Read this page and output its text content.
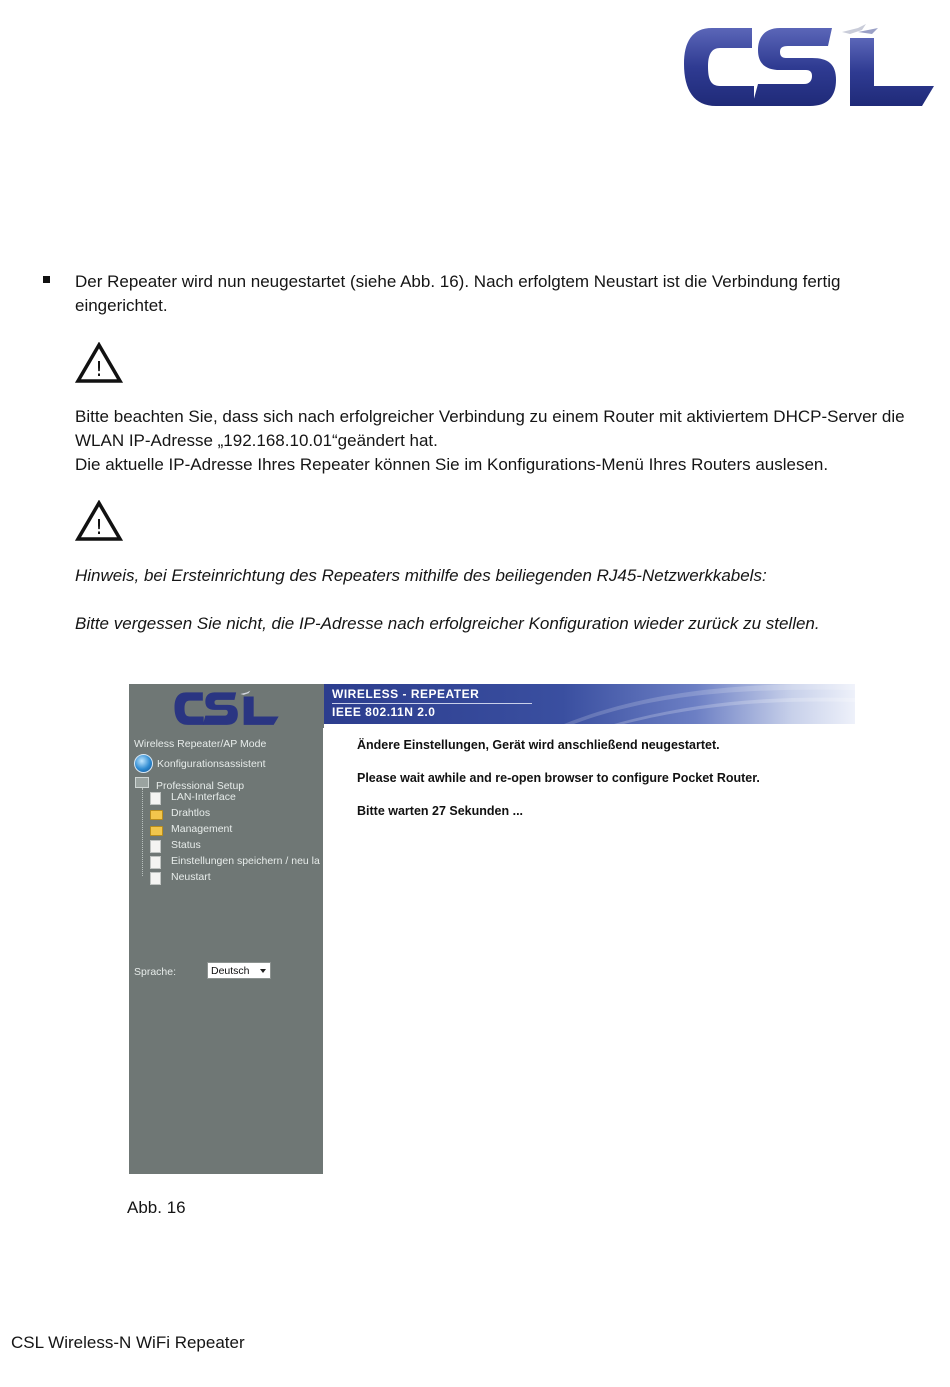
Der Repeater wird nun neugestartet (siehe Abb. 16). Nach erfolgtem Neustart ist die Verbindung fertig eingerichtet.
!
Bitte beachten Sie, dass sich nach erfolgreicher Verbindung zu einem Router mit aktiviertem DHCP-Server die WLAN IP-Adresse „192.168.10.01“geändert hat.
Die aktuelle IP-Adresse Ihres Repeater können Sie im Konfigurations-Menü Ihres Routers auslesen.
!
Hinweis, bei Ersteinrichtung des Repeaters mithilfe des beiliegenden RJ45-Netzwerkkabels:
Bitte vergessen Sie nicht, die IP-Adresse nach erfolgreicher Konfiguration wieder zurück zu stellen.
WIRELESS - REPEATER
IEEE 802.11N 2.0
Wireless Repeater/AP Mode
Konfigurationsassistent
Professional Setup
LAN-Interface
Drahtlos
Management
Status
Einstellungen speichern / neu la
Neustart
Sprache:	Deutsch
Ändere Einstellungen, Gerät wird anschließend neugestartet.
Please wait awhile and re-open browser to configure Pocket Router.
Bitte warten 27 Sekunden ...
Abb. 16
CSL Wireless-N WiFi Repeater
